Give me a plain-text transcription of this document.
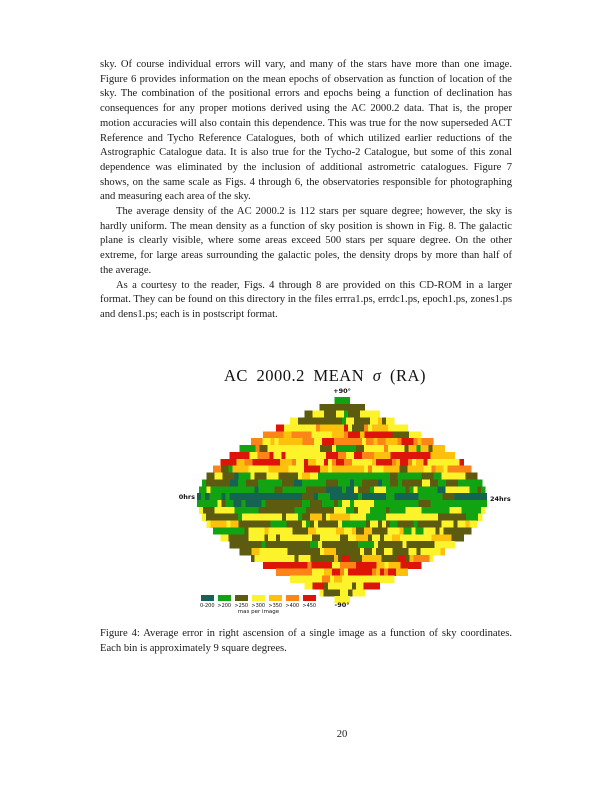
sky. Of course individual errors will vary, and many of the stars have more than one image. Figure 6 provides information on the mean epochs of observation as function of location of the sky. The combination of the positional errors and epochs being a function of declination has consequences for any proper motions derived using the AC 2000.2 data. That is, the proper motion accuracies will also contain this dependence. This was true for the now superseded ACT Reference and Tycho Reference Catalogues, both of which utilized earlier reductions of the Astrographic Catalogue data. It is also true for the Tycho-2 Catalogue, but some of this zonal dependence was eliminated by the inclusion of additional astrometric catalogues. Figure 7 shows, on the same scale as Figs. 4 through 6, the observatories responsible for photographing and measuring each area of the sky.

The average density of the AC 2000.2 is 112 stars per square degree; however, the sky is hardly uniform. The mean density as a function of sky position is shown in Fig. 8. The galactic plane is clearly visible, where some areas exceed 500 stars per square degree. On the other extreme, for large areas surrounding the galactic poles, the density drops by more than half of the average.

As a courtesy to the reader, Figs. 4 through 8 are provided on this CD-ROM in a larger format. They can be found on this directory in the files errra1.ps, errdc1.ps, epoch1.ps, zones1.ps and dens1.ps; each is in postscript format.

AC 2000.2 MEAN σ (RA)
+90°
0hrs	24hrs
-90°
0-200 >200 >250 >300 >350 >400 >450
mas per image
Figure 4: Average error in right ascension of a single image as a function of sky coordinates. Each bin is approximately 9 square degrees.
20
